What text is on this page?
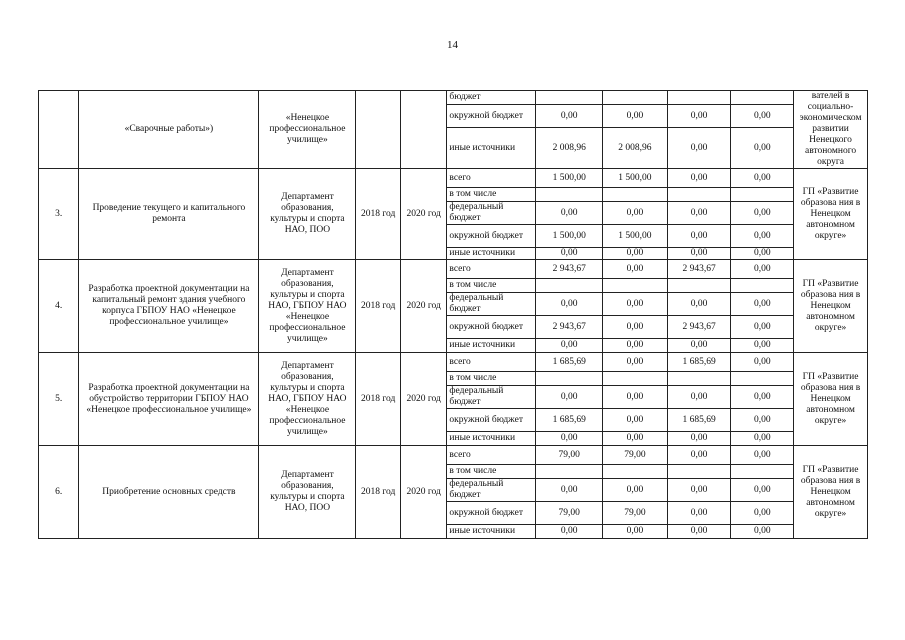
14
	«Сварочные работы»)	«Ненецкое профессиональное училище»			бюджет					вателей в социально-экономическом развитии Ненецкого автономного округа
					окружной бюджет	0,00	0,00	0,00	0,00	
					иные источники	2 008,96	2 008,96	0,00	0,00	
3.	Проведение текущего и капитального ремонта	Департамент образования, культуры и спорта НАО, ПОО	2018 год	2020 год	всего	1 500,00	1 500,00	0,00	0,00	ГП «Развитие образова ния в Ненецком автономном округе»
					в том числе					
					федеральный бюджет	0,00	0,00	0,00	0,00	
					окружной бюджет	1 500,00	1 500,00	0,00	0,00	
					иные источники	0,00	0,00	0,00	0,00	
4.	Разработка проектной документации на капитальный ремонт здания учебного корпуса ГБПОУ НАО «Ненецкое профессиональное училище»	Департамент образования, культуры и спорта НАО, ГБПОУ НАО «Ненецкое профессиональное училище»	2018 год	2020 год	всего	2 943,67	0,00	2 943,67	0,00	ГП «Развитие образова ния в Ненецком автономном округе»
					в том числе					
					федеральный бюджет	0,00	0,00	0,00	0,00	
					окружной бюджет	2 943,67	0,00	2 943,67	0,00	
					иные источники	0,00	0,00	0,00	0,00	
5.	Разработка проектной документации на обустройство территории ГБПОУ НАО «Ненецкое профессиональное училище»	Департамент образования, культуры и спорта НАО, ГБПОУ НАО «Ненецкое профессиональное училище»	2018 год	2020 год	всего	1 685,69	0,00	1 685,69	0,00	ГП «Развитие образова ния в Ненецком автономном округе»
					в том числе					
					федеральный бюджет	0,00	0,00	0,00	0,00	
					окружной бюджет	1 685,69	0,00	1 685,69	0,00	
					иные источники	0,00	0,00	0,00	0,00	
6.	Приобретение основных средств	Департамент образования, культуры и спорта НАО, ПОО	2018 год	2020 год	всего	79,00	79,00	0,00	0,00	ГП «Развитие образова ния в Ненецком автономном округе»
					в том числе					
					федеральный бюджет	0,00	0,00	0,00	0,00	
					окружной бюджет	79,00	79,00	0,00	0,00	
					иные источники	0,00	0,00	0,00	0,00	
